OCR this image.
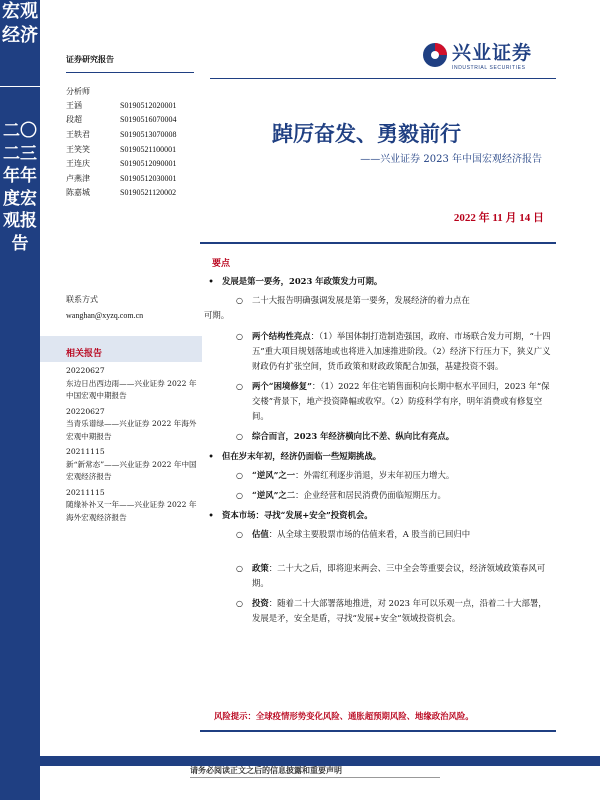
宏观经济
二〇二三年年度宏观报告
证券研究报告	兴业证券
INDUSTRIAL SECURITIES
分析师
王涵	S0190512020001
段超	S0190516070004
王轶君	S0190513070008
王笑笑	S0190521100001
王连庆	S0190512090001
卢燕津	S0190512030001
陈嘉城	S0190521120002
联系方式
wanghan@xyzq.com.cn
相关报告
20220627
东边日出西边雨——兴业证券 2022 年中国宏观中期报告
20220627
当青乐谱绿——兴业证券 2022 年海外宏观中期报告
20211115
新“新常态”——兴业证券 2022 年中国宏观经济报告
20211115
随缘补补又一年——兴业证券 2022 年海外宏观经济报告
踔厉奋发、勇毅前行
——兴业证券 2023 年中国宏观经济报告
2022 年 11 月 14 日
要点
• 发展是第一要务，2023 年政策发力可期。
○	二十大报告明确强调发展是第一要务，发展经济的着力点在
可期。
○	两个结构性亮点：（1）举国体制打造制造强国，政府、市场联合发力可期，“十四五”重大项目规划落地或也将进入加速推进阶段。（2）经济下行压力下，狭义广义财政仍有扩张空间，货币政策和财政政策配合加强，基建投资不弱。
○	两个“困境修复”：（1）2022 年住宅销售面积向长期中枢水平回归，2023 年“保交楼”背景下，地产投资降幅或收窄。（2）防疫科学有序，明年消费或有修复空间。
○	综合而言，2023 年经济横向比不差、纵向比有亮点。
• 但在岁末年初，经济仍面临一些短期挑战。
○	“逆风”之一：外需红利逐步消退，岁末年初压力增大。
○	“逆风”之二：企业经营和居民消费仍面临短期压力。
• 资本市场：寻找“发展+安全”投资机会。
○	估值：从全球主要股票市场的估值来看，A 股当前已回归中
○	政策：二十大之后，即将迎来两会、三中全会等重要会议，经济领域政策春风可期。
○	投资：随着二十大部署落地推进，对 2023 年可以乐观一点，沿着二十大部署，发展是矛，安全是盾，寻找“发展+安全”领域投资机会。
风险提示：全球疫情形势变化风险、通胀超预期风险、地缘政治风险。
请务必阅读正文之后的信息披露和重要声明
